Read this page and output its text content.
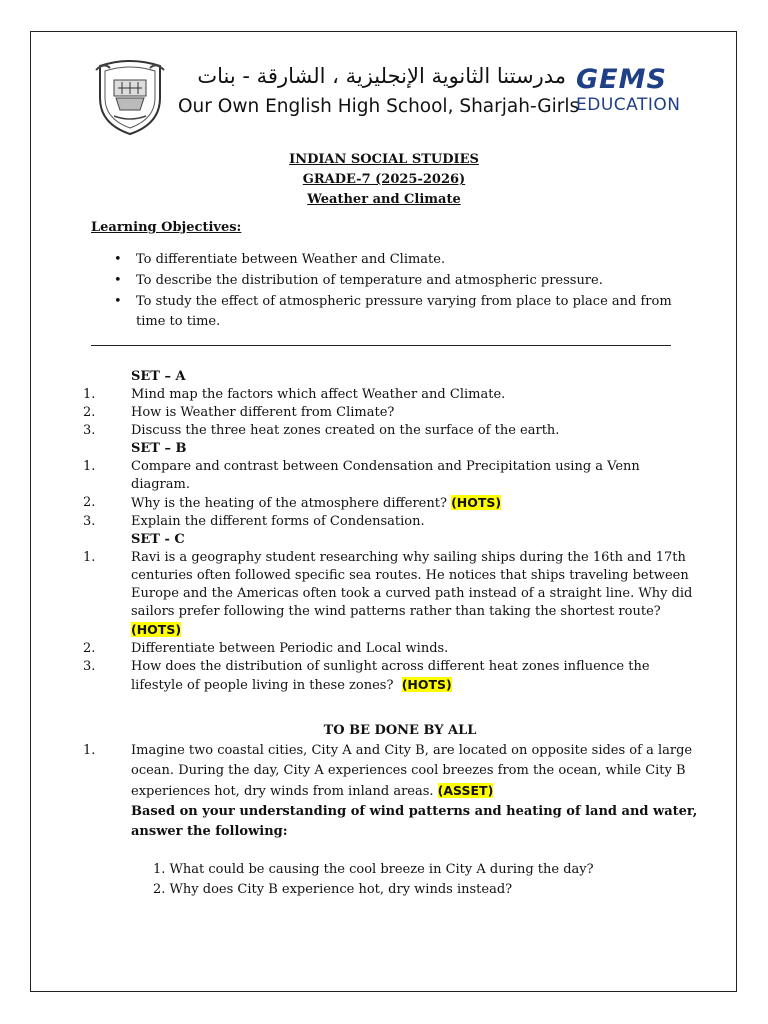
مدرستنا الثانوية الإنجليزية ، الشارقة - بنات
Our Own English High School, Sharjah-Girls
GEMS
EDUCATION
INDIAN SOCIAL STUDIES
GRADE-7 (2025-2026)
Weather and Climate
Learning Objectives:
• To differentiate between Weather and Climate.
• To describe the distribution of temperature and atmospheric pressure.
• To study the effect of atmospheric pressure varying from place to place and from time to time.
SET – A
1.	Mind map the factors which affect Weather and Climate.
2.	How is Weather different from Climate?
3.	Discuss the three heat zones created on the surface of the earth.
SET – B
1.	Compare and contrast between Condensation and Precipitation using a Venn diagram.
2.	Why is the heating of the atmosphere different? (HOTS)
3.	Explain the different forms of Condensation.
SET - C
1.	Ravi is a geography student researching why sailing ships during the 16th and 17th centuries often followed specific sea routes. He notices that ships traveling between Europe and the Americas often took a curved path instead of a straight line. Why did sailors prefer following the wind patterns rather than taking the shortest route? (HOTS)
2.	Differentiate between Periodic and Local winds.
3.	How does the distribution of sunlight across different heat zones influence the lifestyle of people living in these zones? (HOTS)
TO BE DONE BY ALL
1.	Imagine two coastal cities, City A and City B, are located on opposite sides of a large ocean. During the day, City A experiences cool breezes from the ocean, while City B experiences hot, dry winds from inland areas. (ASSET)
Based on your understanding of wind patterns and heating of land and water, answer the following:
1. What could be causing the cool breeze in City A during the day?
2. Why does City B experience hot, dry winds instead?
